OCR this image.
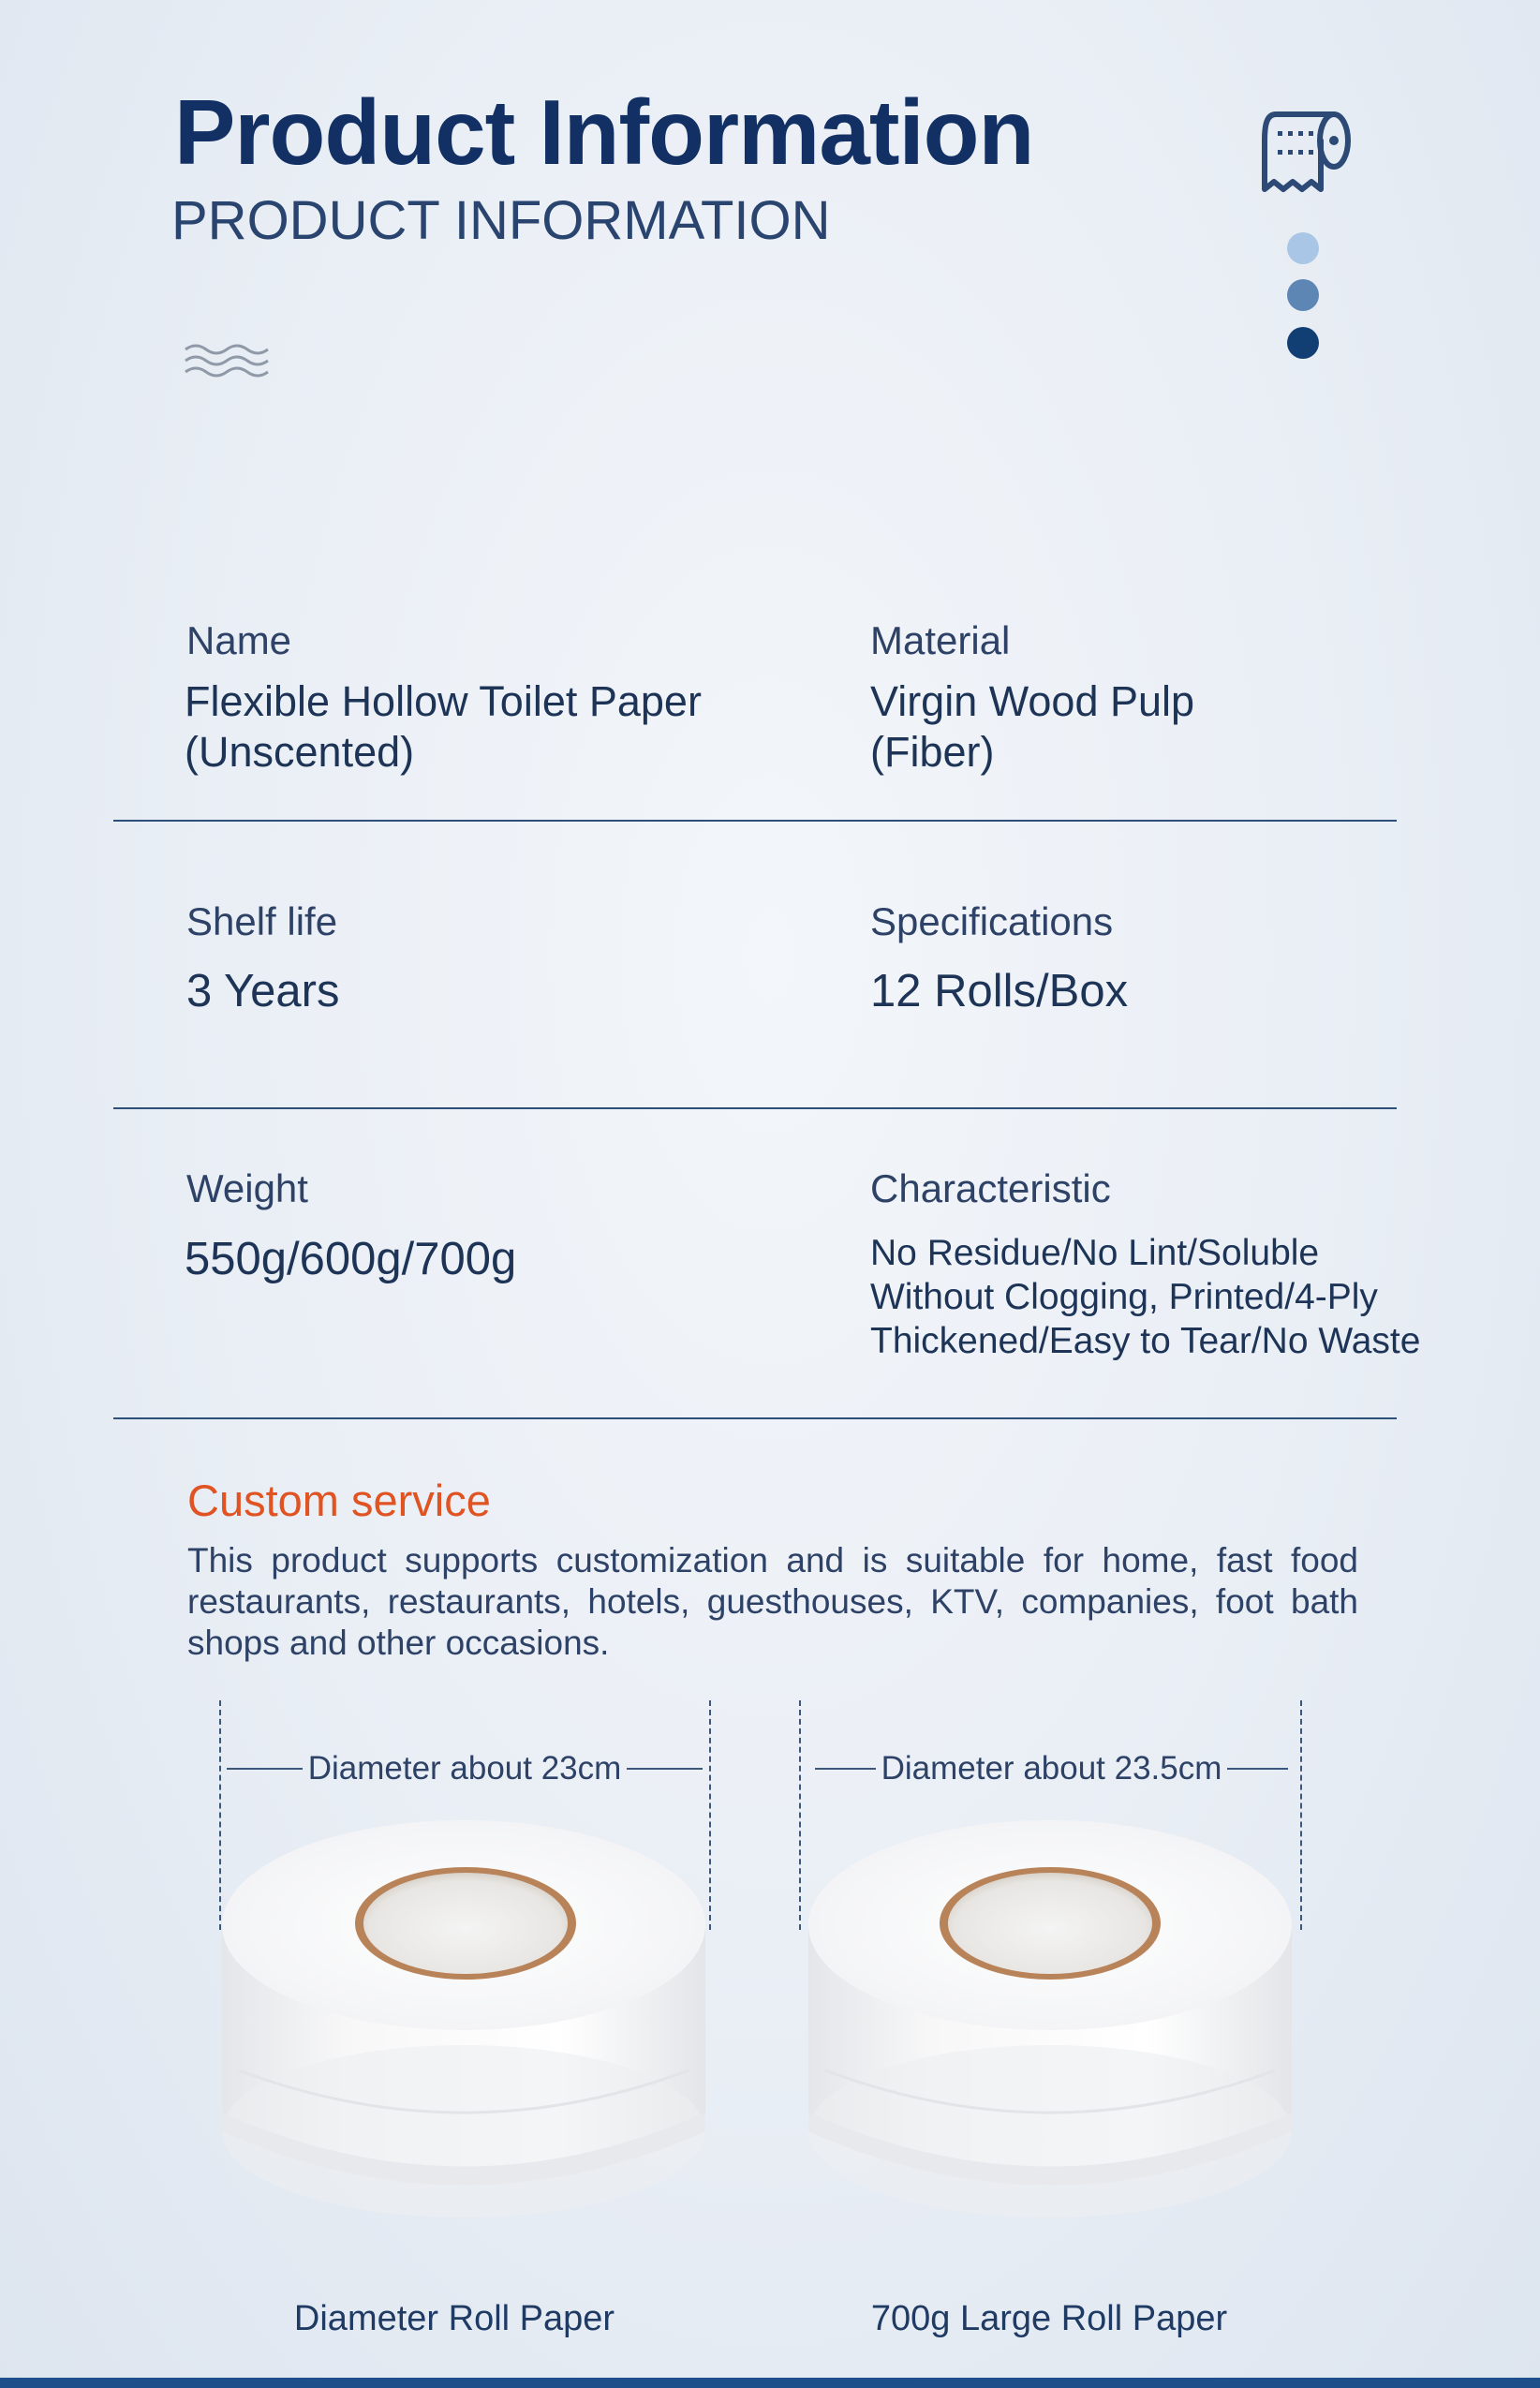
Product Information
PRODUCT INFORMATION
Name
Flexible Hollow Toilet Paper (Unscented)
Material
Virgin Wood Pulp (Fiber)
Shelf life
3 Years
Specifications
12 Rolls/Box
Weight
550g/600g/700g
Characteristic
No Residue/No Lint/Soluble Without Clogging, Printed/4-Ply Thickened/Easy to Tear/No Waste
Custom service
This product supports customization and is suitable for home, fast food restaurants, restaurants, hotels, guesthouses, KTV, companies, foot bath shops and other occasions.
Diameter about 23cm
Diameter Roll Paper
Diameter about 23.5cm
700g Large Roll Paper
